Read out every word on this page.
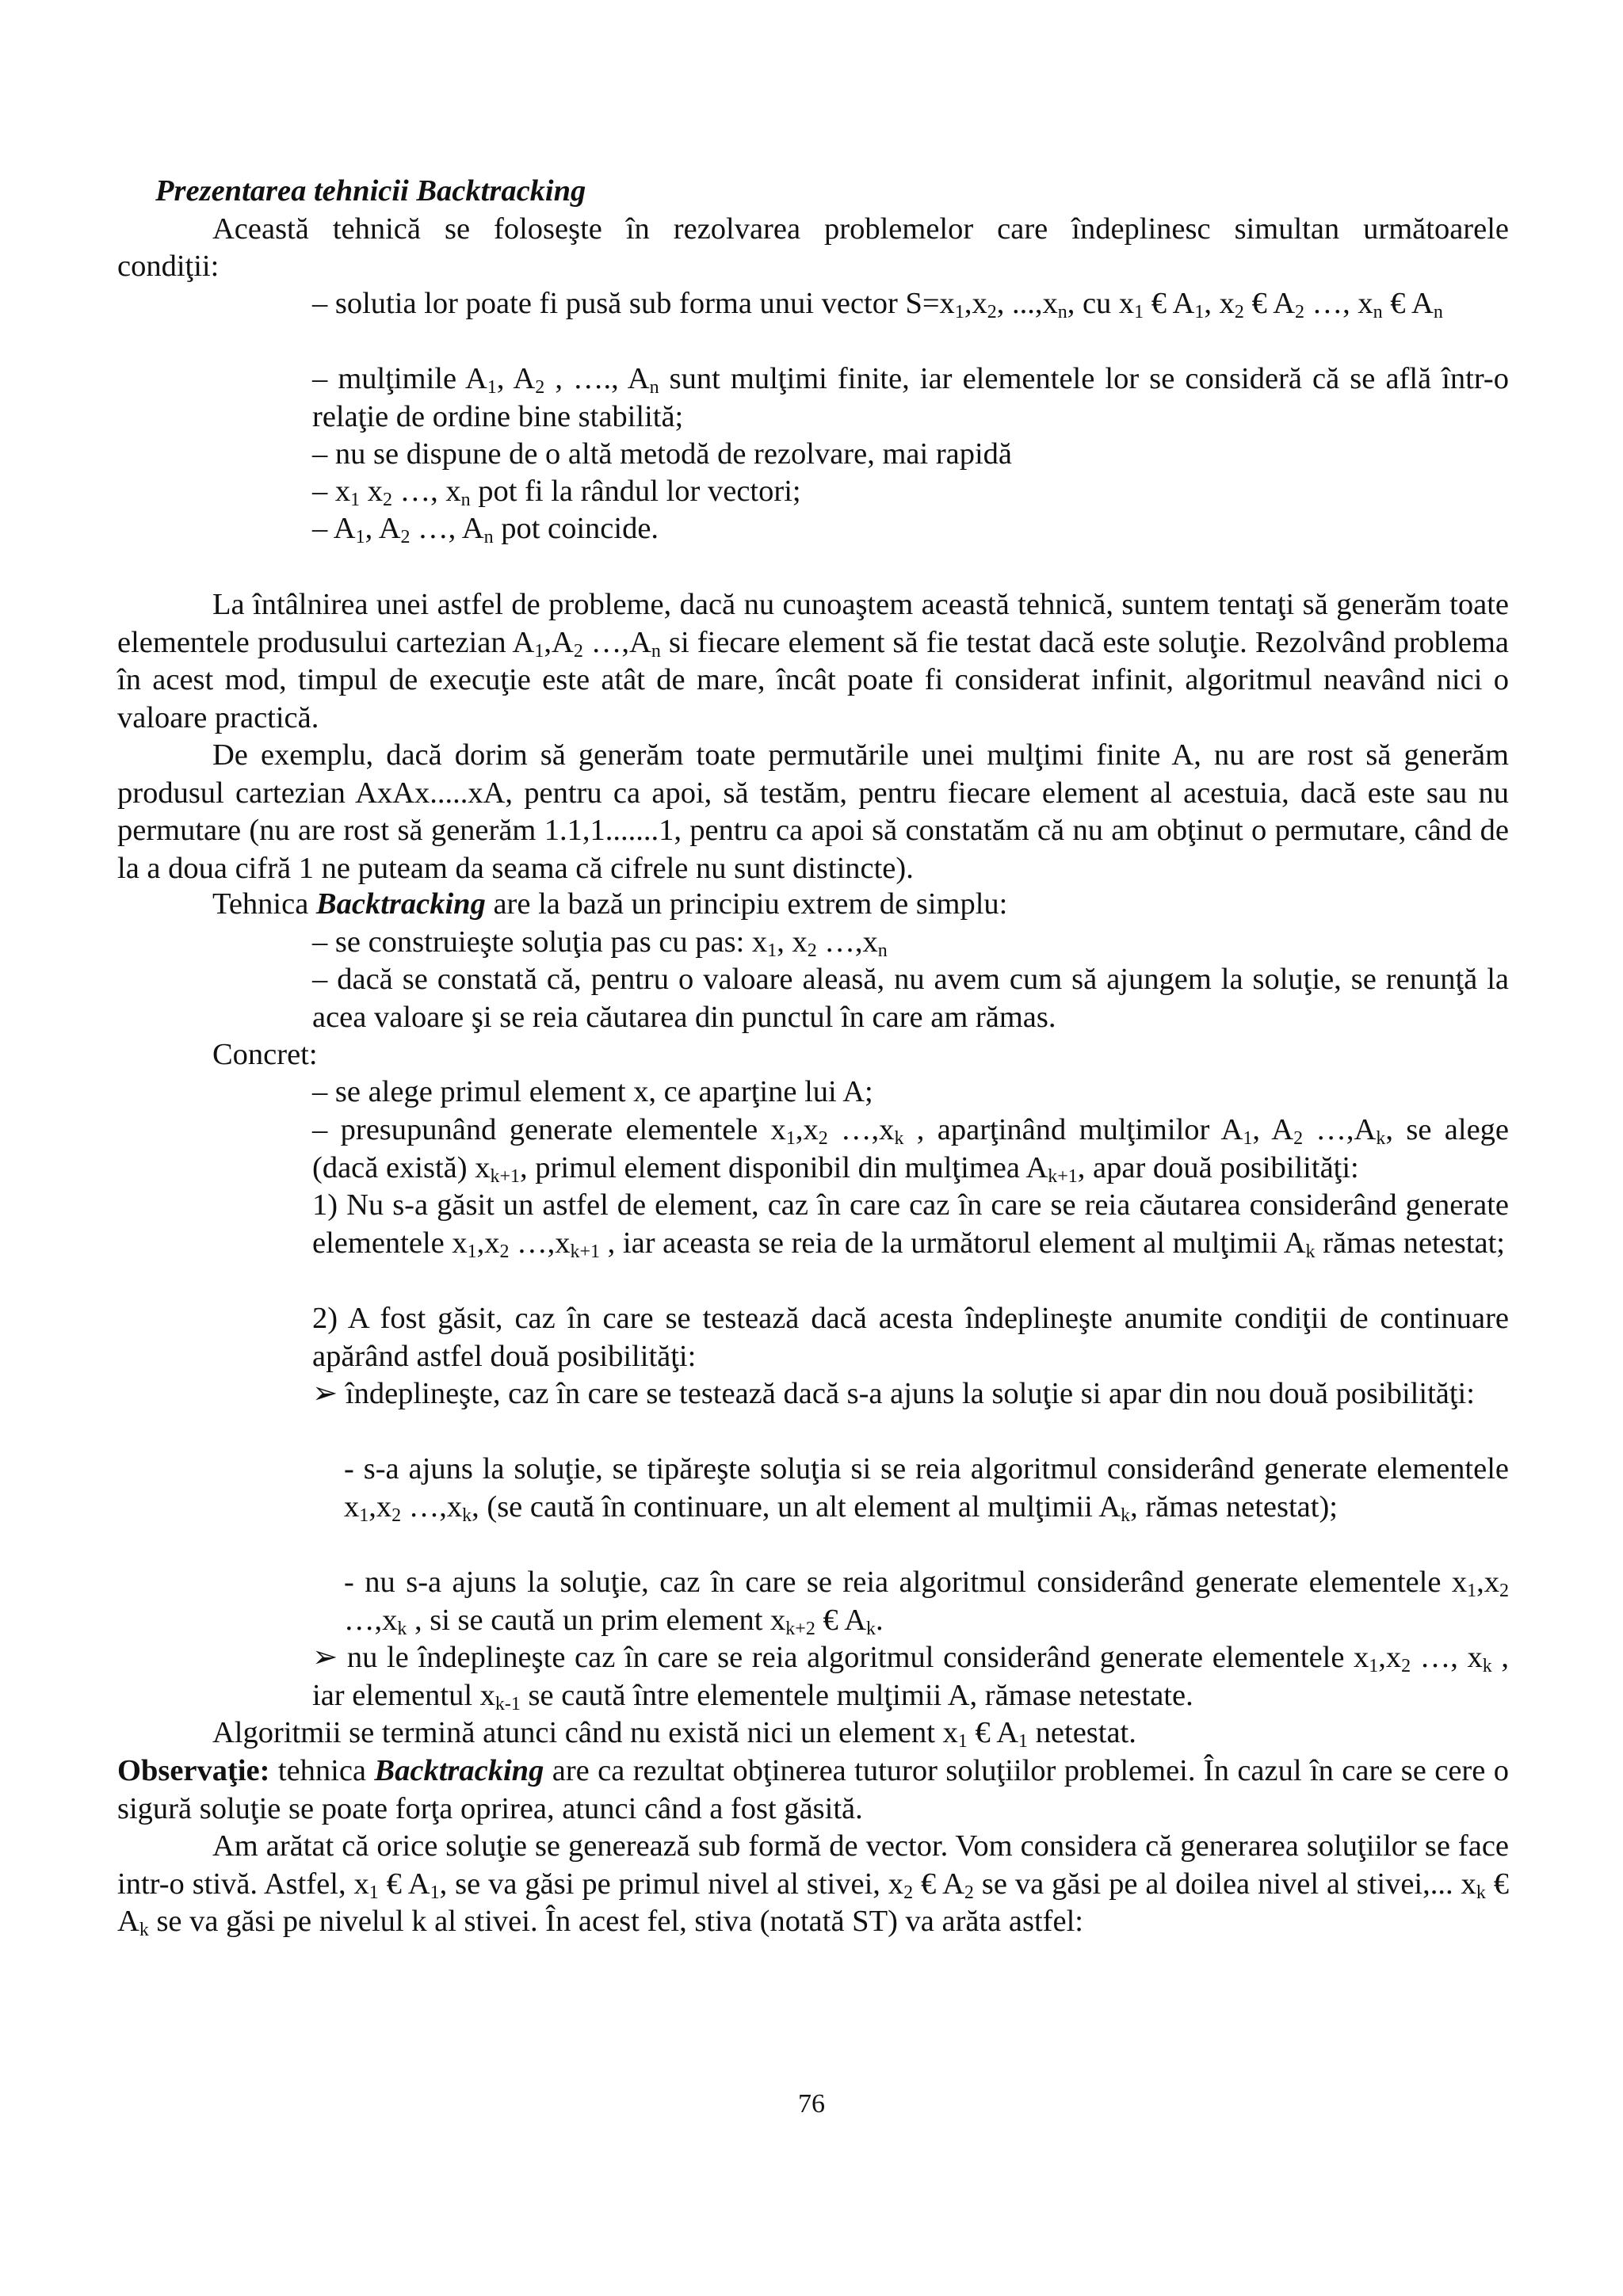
Prezentarea tehnicii Backtracking
Această tehnică se foloseşte în rezolvarea problemelor care îndeplinesc simultan următoarele
condiţii:
– solutia lor poate fi pusă sub forma unui vector $S=x_1,x_2$, $...,x_n$, cu $x_1$ € $A_1$, $x_2$ € $A_2$ …, $x_n$ € $A_n$
– mulţimile $A_1$, $A_2$ , …., $A_n$ sunt mulţimi finite, iar elementele lor se consideră că se află într-o relaţie de ordine bine stabilită;
– nu se dispune de o altă metodă de rezolvare, mai rapidă
– $x_1$ $x_2$ …, $x_n$ pot fi la rândul lor vectori;
– $A_1$, $A_2$ …, $A_n$ pot coincide.
La întâlnirea unei astfel de probleme, dacă nu cunoaştem această tehnică, suntem tentaţi să generăm toate elementele produsului cartezian $A_1,A_2$ $\dots,A_n$ si fiecare element să fie testat dacă este soluţie. Rezolvând problema în acest mod, timpul de execuţie este atât de mare, încât poate fi considerat infinit, algoritmul neavând nici o valoare practică.
De exemplu, dacă dorim să generăm toate permutările unei mulţimi finite A, nu are rost să generăm produsul cartezian AxAx.....xA, pentru ca apoi, să testăm, pentru fiecare element al acestuia, dacă este sau nu permutare (nu are rost să generăm 1.1,1.......1, pentru ca apoi să constatăm că nu am obţinut o permutare, când de la a doua cifră 1 ne puteam da seama că cifrele nu sunt distincte).
Tehnica Backtracking are la bază un principiu extrem de simplu:
– se construieşte soluţia pas cu pas: $x_1$, $x_2$ $\dots,x_n$
– dacă se constată că, pentru o valoare aleasă, nu avem cum să ajungem la soluţie, se renunţă la acea valoare şi se reia căutarea din punctul în care am rămas.
Concret:
– se alege primul element x, ce aparţine lui A;
– presupunând generate elementele $x_1,x_2$ $\dots,x_k$ , aparţinând mulţimilor $A_1$, $A_2$ $\dots,A_k$, se alege (dacă există) $x_{k+1}$, primul element disponibil din mulţimea $A_{k+1}$, apar două posibilităţi:
1) Nu s-a găsit un astfel de element, caz în care caz în care se reia căutarea considerând generate elementele $x_1,x_2$ $\dots,x_{k+1}$ , iar aceasta se reia de la următorul element al mulţimii $A_k$ rămas netestat;
2) A fost găsit, caz în care se testează dacă acesta îndeplineşte anumite condiţii de continuare apărând astfel două posibilităţi:
➢ îndeplineşte, caz în care se testează dacă s-a ajuns la soluţie si apar din nou două posibilităţi:
- s-a ajuns la soluţie, se tipăreşte soluţia si se reia algoritmul considerând generate elementele $x_1,x_2$ $\dots,x_k$, (se caută în continuare, un alt element al mulţimii $A_k$, rămas netestat);
- nu s-a ajuns la soluţie, caz în care se reia algoritmul considerând generate elementele $x_1,x_2$ $\dots,x_k$ , si se caută un prim element $x_{k+2}$ € $A_k$.
➢ nu le îndeplineşte caz în care se reia algoritmul considerând generate elementele $x_1,x_2$ …, $x_k$ , iar elementul $x_{k-1}$ se caută între elementele mulţimii A, rămase netestate.
Algoritmii se termină atunci când nu există nici un element $x_1$ € $A_1$ netestat.
Observaţie: tehnica Backtracking are ca rezultat obţinerea tuturor soluţiilor problemei. În cazul în care se cere o sigură soluţie se poate forţa oprirea, atunci când a fost găsită.
Am arătat că orice soluţie se generează sub formă de vector. Vom considera că generarea soluţiilor se face intr-o stivă. Astfel, $x_1$ € $A_1$, se va găsi pe primul nivel al stivei, $x_2$ € $A_2$ se va găsi pe al doilea nivel al stivei,... $x_k$ € $A_k$ se va găsi pe nivelul k al stivei. În acest fel, stiva (notată ST) va arăta astfel:
76
